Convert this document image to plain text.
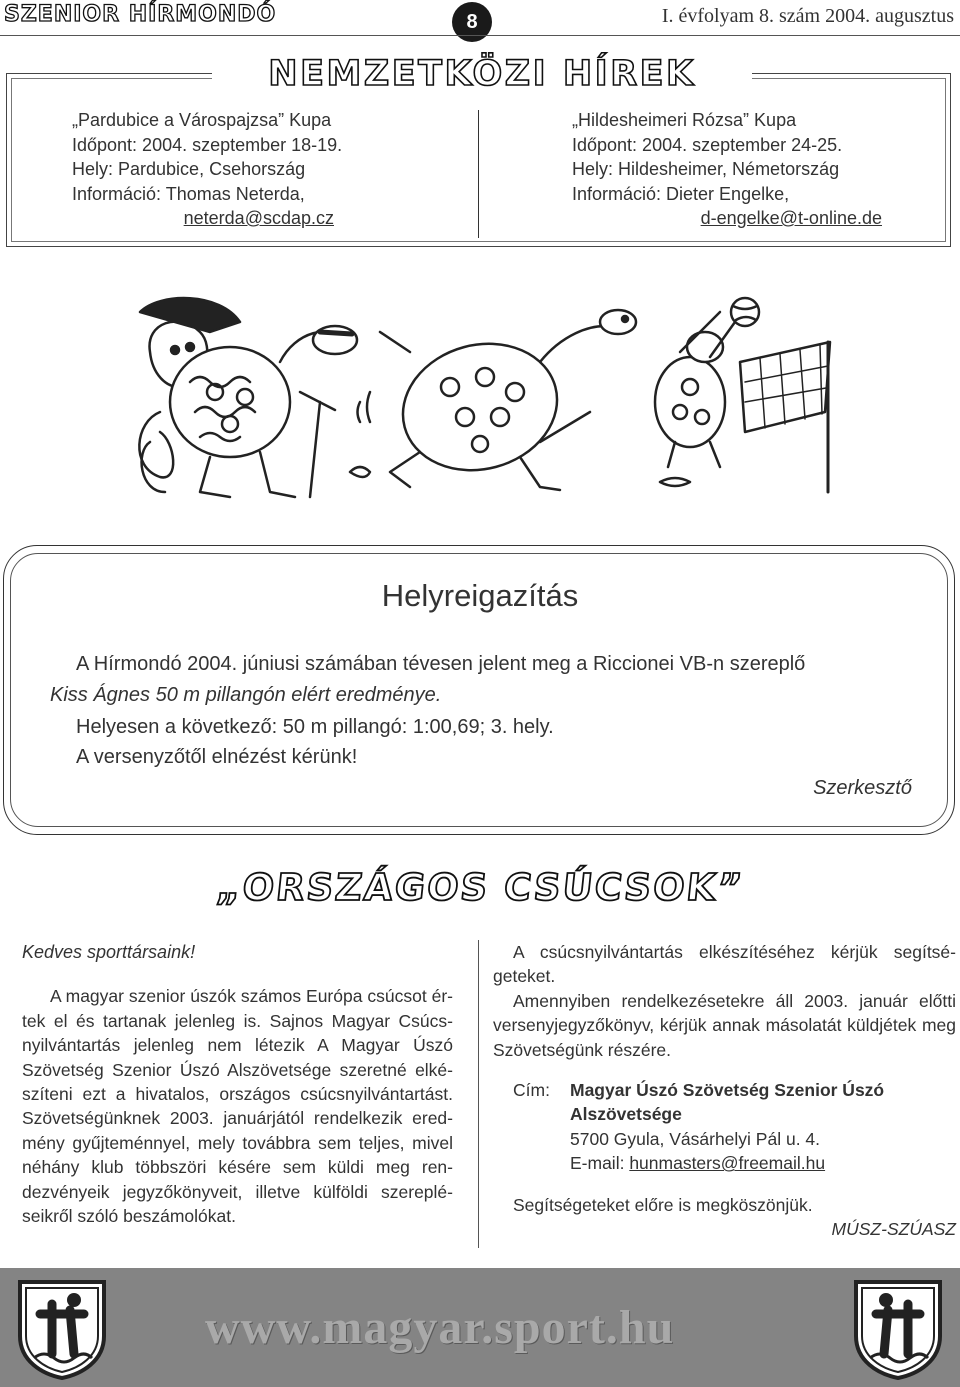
SZENIOR HÍRMONDÓ	8	I. évfolyam 8. szám 2004. augusztus
NEMZETKÖZI HÍREK
„Pardubice a Várospajzsa” Kupa
Időpont: 2004. szeptember 18-19.
Hely: Pardubice, Csehország
Információ: Thomas Neterda,
neterda@scdap.cz
„Hildesheimeri Rózsa” Kupa
Időpont: 2004. szeptember 24-25.
Hely: Hildesheimer, Németország
Információ: Dieter Engelke,
d-engelke@t-online.de
Helyreigazítás
A Hírmondó 2004. júniusi számában tévesen jelent meg a Riccionei VB-n szereplő
Kiss Ágnes 50 m pillangón elért eredménye.
Helyesen a következő: 50 m pillangó: 1:00,69; 3. hely.
A versenyzőtől elnézést kérünk!
Szerkesztő
„ORSZÁGOS CSÚCSOK”
Kedves sporttársaink!
A magyar szenior úszók számos Európa csúcsot értek el és tartanak jelenleg is. Sajnos Magyar Csúcsnyilvántartás jelenleg nem létezik A Magyar Úszó Szövetség Szenior Úszó Alszövetsége szeretné elkészíteni ezt a hivatalos, országos csúcsnyilvántartást. Szövetségünknek 2003. januárjától rendelkezik eredmény gyűjteménnyel, mely továbbra sem teljes, mivel néhány klub többszöri késére sem küldi meg rendezvényeik jegyzőkönyveit, illetve külföldi szerepléseikről szóló beszámolókat.
A csúcsnyilvántartás elkészítéséhez kérjük segítségeteket.
Amennyiben rendelkezésetekre áll 2003. január előtti versenyjegyzőkönyv, kérjük annak másolatát küldjétek meg Szövetségünk részére.
Cím:	Magyar Úszó Szövetség Szenior Úszó Alszövetsége
5700 Gyula, Vásárhelyi Pál u. 4.
E-mail: hunmasters@freemail.hu
Segítségeteket előre is megköszönjük.
MÚSZ-SZÚASZ
www.magyar.sport.hu
